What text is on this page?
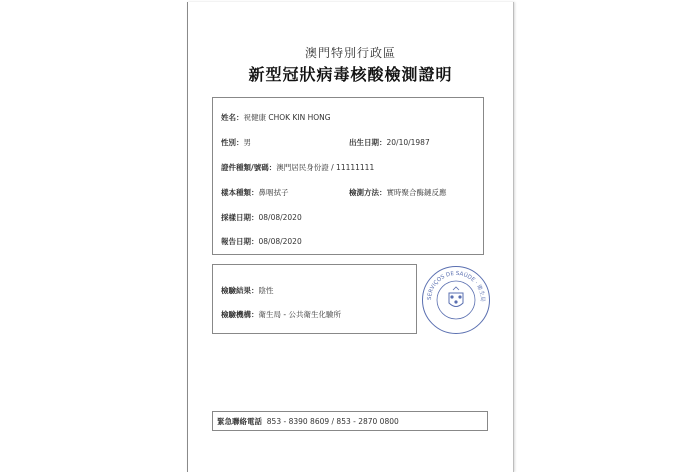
澳門特別行政區
新型冠狀病毒核酸檢測證明
姓名：祝健康 CHOK KIN HONG
性別：男	出生日期：20/10/1987
證件種類/號碼：澳門居民身份證 / 11111111
樣本種類：鼻咽拭子	檢測方法：實時聚合酶鏈反應
採樣日期：08/08/2020
報告日期：08/08/2020
檢驗結果：陰性
檢驗機構：衛生局 - 公共衛生化驗所
SERVIÇOS DE SAÚDE · 衛生局
緊急聯絡電話 853 - 8390 8609 / 853 - 2870 0800
